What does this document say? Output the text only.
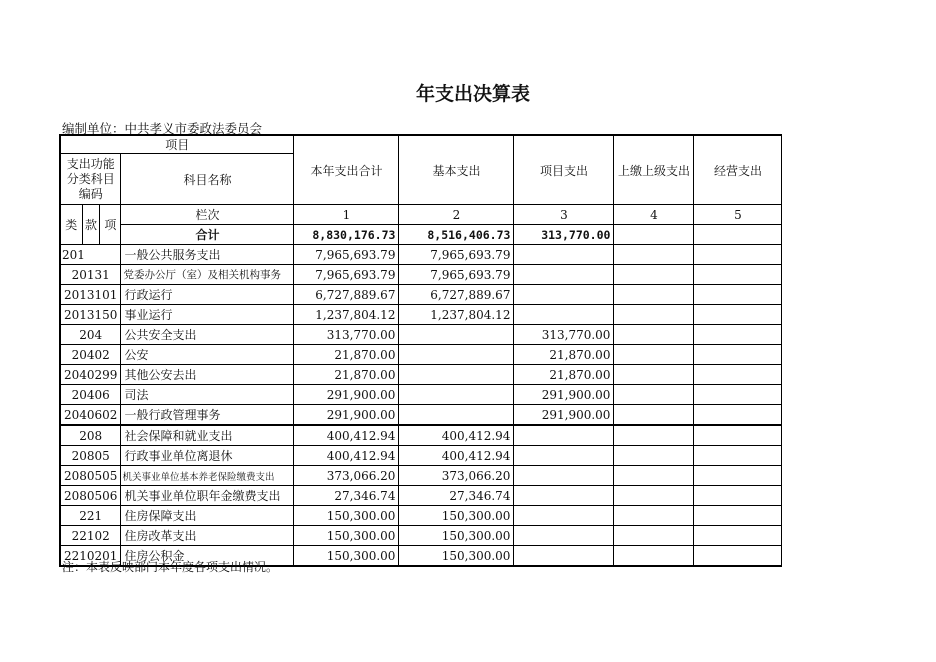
年支出决算表
编制单位：中共孝义市委政法委员会
项目				本年支出合计	基本支出	项目支出	上缴上级支出	经营支出
支出功能分类科目编码			科目名称					
类	款	项	栏次	1	2	3	4	5
			合计	8,830,176.73	8,516,406.73	313,770.00		
201			一般公共服务支出	7,965,693.79	7,965,693.79			
20131			党委办公厅（室）及相关机构事务	7,965,693.79	7,965,693.79			
2013101			行政运行	6,727,889.67	6,727,889.67			
2013150			事业运行	1,237,804.12	1,237,804.12			
204			公共安全支出	313,770.00		313,770.00		
20402			公安	21,870.00		21,870.00		
2040299			其他公安去出	21,870.00		21,870.00		
20406			司法	291,900.00		291,900.00		
2040602			一般行政管理事务	291,900.00		291,900.00		
208			社会保障和就业支出	400,412.94	400,412.94			
20805			行政事业单位离退休	400,412.94	400,412.94			
2080505			机关事业单位基本养老保险缴费支出	373,066.20	373,066.20			
2080506			机关事业单位职年金缴费支出	27,346.74	27,346.74			
221			住房保障支出	150,300.00	150,300.00			
22102			住房改革支出	150,300.00	150,300.00			
2210201			住房公积金	150,300.00	150,300.00			
注：本表反映部门本年度各项支出情况。
